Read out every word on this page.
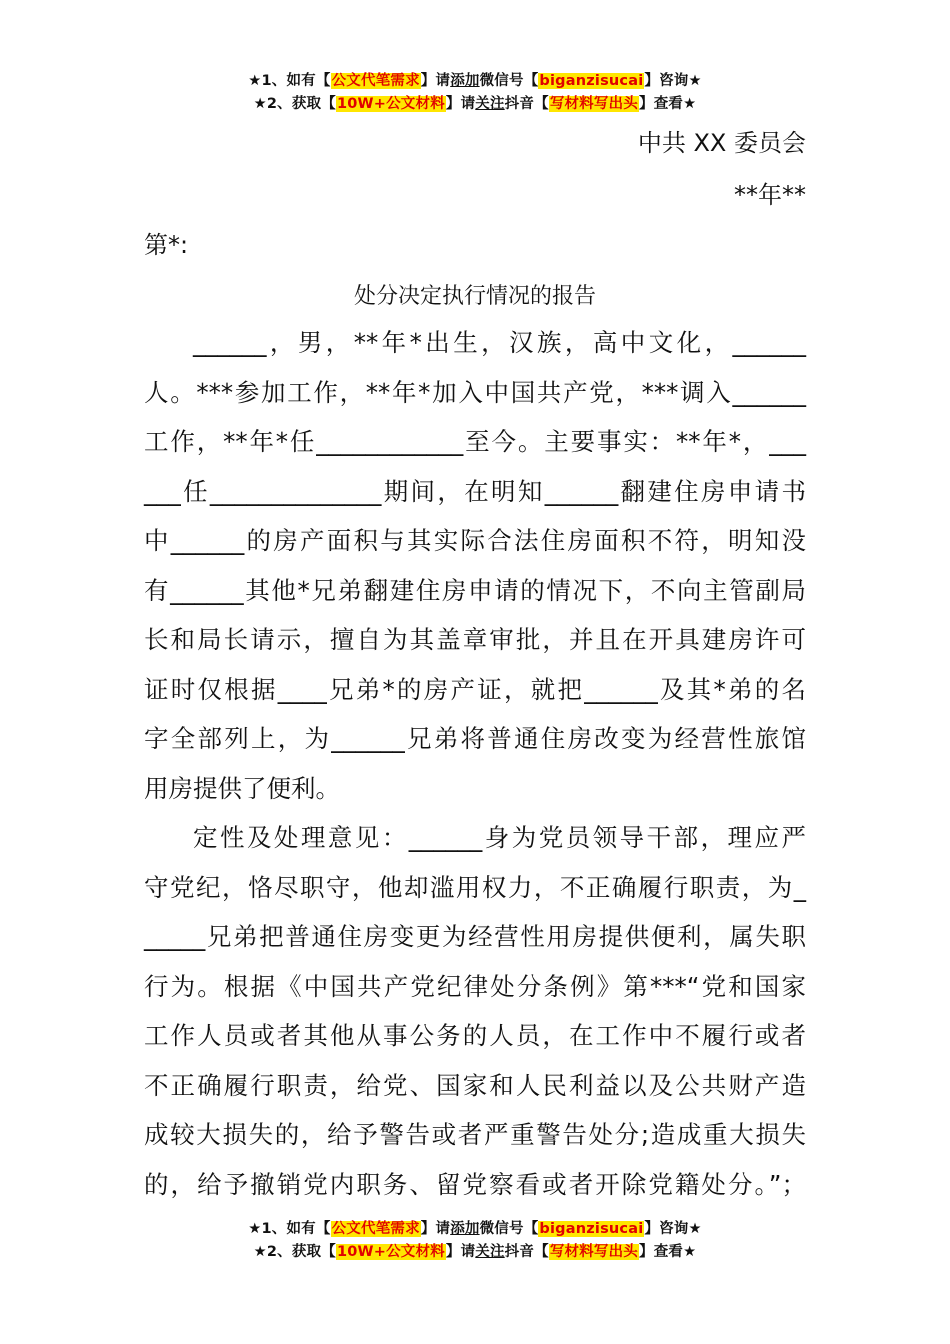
★1、如有【公文代笔需求】请添加微信号【biganzisucai】咨询★
★2、获取【10W+公文材料】请关注抖音【写材料写出头】查看★
中共 XX 委员会
**年**
第*:
处分决定执行情况的报告
______，男，**年*出生，汉族，高中文化，______
人。***参加工作，**年*加入中国共产党，***调入______
工作，**年*任____________至今。主要事实：**年*，___
___任______________期间，在明知______翻建住房申请书
中______的房产面积与其实际合法住房面积不符，明知没
有______其他*兄弟翻建住房申请的情况下，不向主管副局
长和局长请示，擅自为其盖章审批，并且在开具建房许可
证时仅根据____兄弟*的房产证，就把______及其*弟的名
字全部列上，为______兄弟将普通住房改变为经营性旅馆
用房提供了便利。
定性及处理意见：______身为党员领导干部，理应严
守党纪，恪尽职守，他却滥用权力，不正确履行职责，为_
_____兄弟把普通住房变更为经营性用房提供便利，属失职
行为。根据《中国共产党纪律处分条例》第***“党和国家
工作人员或者其他从事公务的人员，在工作中不履行或者
不正确履行职责，给党、国家和人民利益以及公共财产造
成较大损失的，给予警告或者严重警告处分;造成重大损失
的，给予撤销党内职务、留党察看或者开除党籍处分。”；
★1、如有【公文代笔需求】请添加微信号【biganzisucai】咨询★
★2、获取【10W+公文材料】请关注抖音【写材料写出头】查看★
